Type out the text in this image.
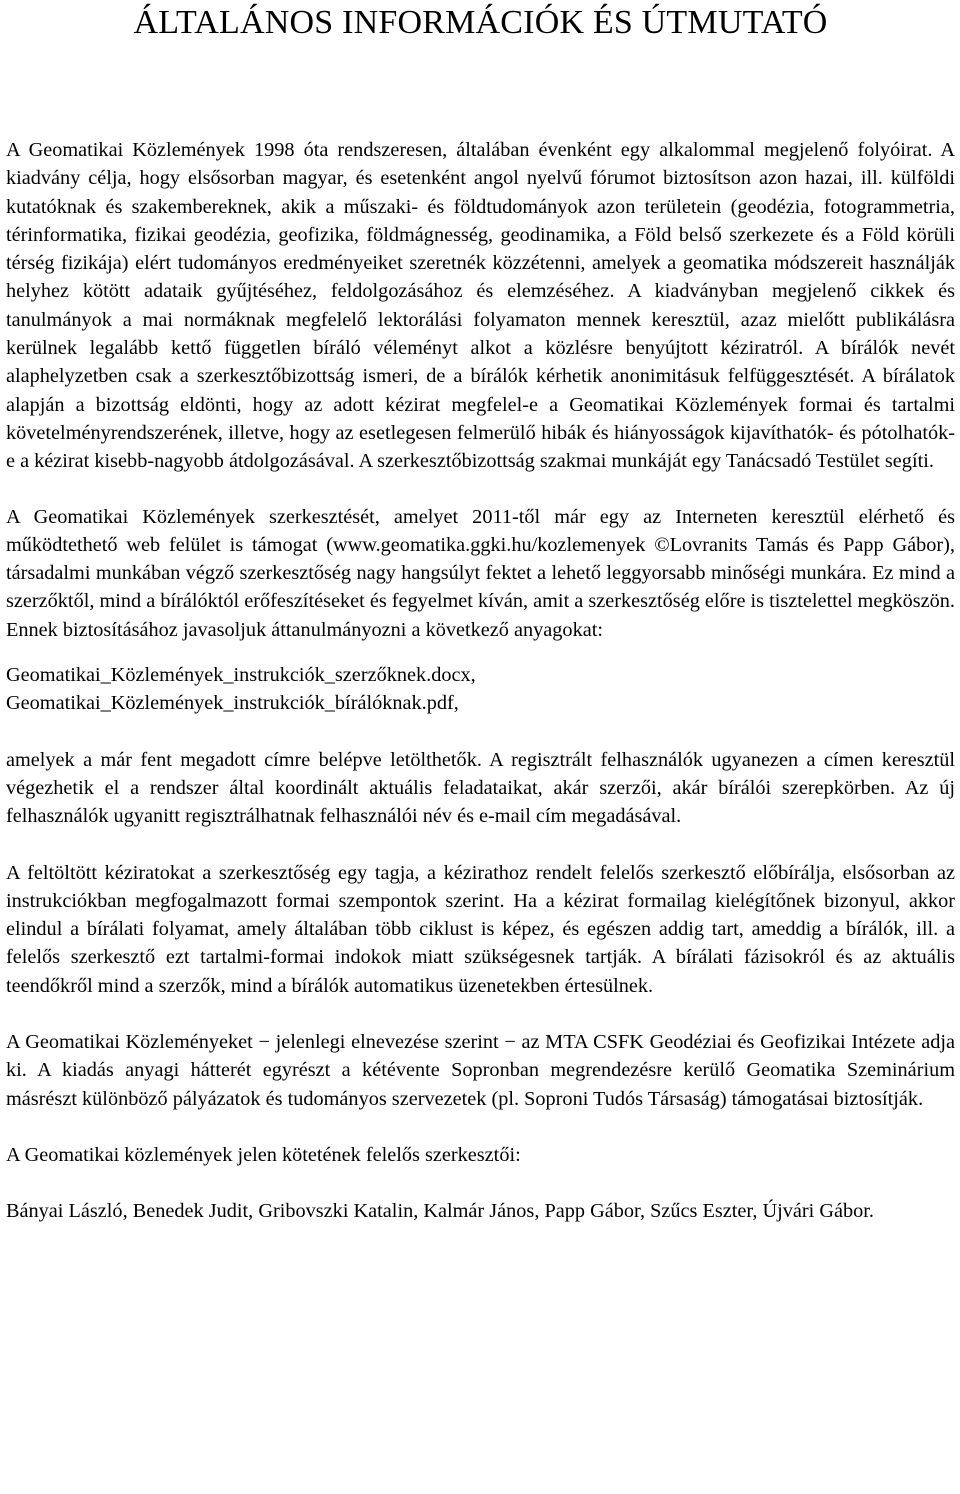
ÁLTALÁNOS INFORMÁCIÓK ÉS ÚTMUTATÓ

A Geomatikai Közlemények 1998 óta rendszeresen, általában évenként egy alkalommal megjelenő folyóirat. A kiadvány célja, hogy elsősorban magyar, és esetenként angol nyelvű fórumot biztosítson azon hazai, ill. külföldi kutatóknak és szakembereknek, akik a műszaki- és földtudományok azon területein (geodézia, fotogrammetria, térinformatika, fizikai geodézia, geofizika, földmágnesség, geodinamika, a Föld belső szerkezete és a Föld körüli térség fizikája) elért tudományos eredményeiket szeretnék közzétenni, amelyek a geomatika módszereit használják helyhez kötött adataik gyűjtéséhez, feldolgozásához és elemzéséhez. A kiadványban megjelenő cikkek és tanulmányok a mai normáknak megfelelő lektorálási folyamaton mennek keresztül, azaz mielőtt publikálásra kerülnek legalább kettő független bíráló véleményt alkot a közlésre benyújtott kéziratról. A bírálók nevét alaphelyzetben csak a szerkesztőbizottság ismeri, de a bírálók kérhetik anonimitásuk felfüggesztését. A bírálatok alapján a bizottság eldönti, hogy az adott kézirat megfelel-e a Geomatikai Közlemények formai és tartalmi követelményrendszerének, illetve, hogy az esetlegesen felmerülő hibák és hiányosságok kijavíthatók- és pótolhatók-e a kézirat kisebb-nagyobb átdolgozásával. A szerkesztőbizottság szakmai munkáját egy Tanácsadó Testület segíti.

A Geomatikai Közlemények szerkesztését, amelyet 2011-től már egy az Interneten keresztül elérhető és működtethető web felület is támogat (www.geomatika.ggki.hu/kozlemenyek ©Lovranits Tamás és Papp Gábor), társadalmi munkában végző szerkesztőség nagy hangsúlyt fektet a lehető leggyorsabb minőségi munkára. Ez mind a szerzőktől, mind a bírálóktól erőfeszítéseket és fegyelmet kíván, amit a szerkesztőség előre is tisztelettel megköszön. Ennek biztosításához javasoljuk áttanulmányozni a következő anyagokat:

Geomatikai_Közlemények_instrukciók_szerzőknek.docx,
Geomatikai_Közlemények_instrukciók_bírálóknak.pdf,

amelyek a már fent megadott címre belépve letölthetők. A regisztrált felhasználók ugyanezen a címen keresztül végezhetik el a rendszer által koordinált aktuális feladataikat, akár szerzői, akár bírálói szerepkörben. Az új felhasználók ugyanitt regisztrálhatnak felhasználói név és e-mail cím megadásával.

A feltöltött kéziratokat a szerkesztőség egy tagja, a kézirathoz rendelt felelős szerkesztő előbírálja, elsősorban az instrukciókban megfogalmazott formai szempontok szerint. Ha a kézirat formailag kielégítőnek bizonyul, akkor elindul a bírálati folyamat, amely általában több ciklust is képez, és egészen addig tart, ameddig a bírálók, ill. a felelős szerkesztő ezt tartalmi-formai indokok miatt szükségesnek tartják. A bírálati fázisokról és az aktuális teendőkről mind a szerzők, mind a bírálók automatikus üzenetekben értesülnek.

A Geomatikai Közleményeket − jelenlegi elnevezése szerint − az MTA CSFK Geodéziai és Geofizikai Intézete adja ki. A kiadás anyagi hátterét egyrészt a kétévente Sopronban megrendezésre kerülő Geomatika Szeminárium másrészt különböző pályázatok és tudományos szervezetek (pl. Soproni Tudós Társaság) támogatásai biztosítják.

A Geomatikai közlemények jelen kötetének felelős szerkesztői:

Bányai László, Benedek Judit, Gribovszki Katalin, Kalmár János, Papp Gábor, Szűcs Eszter, Újvári Gábor.
